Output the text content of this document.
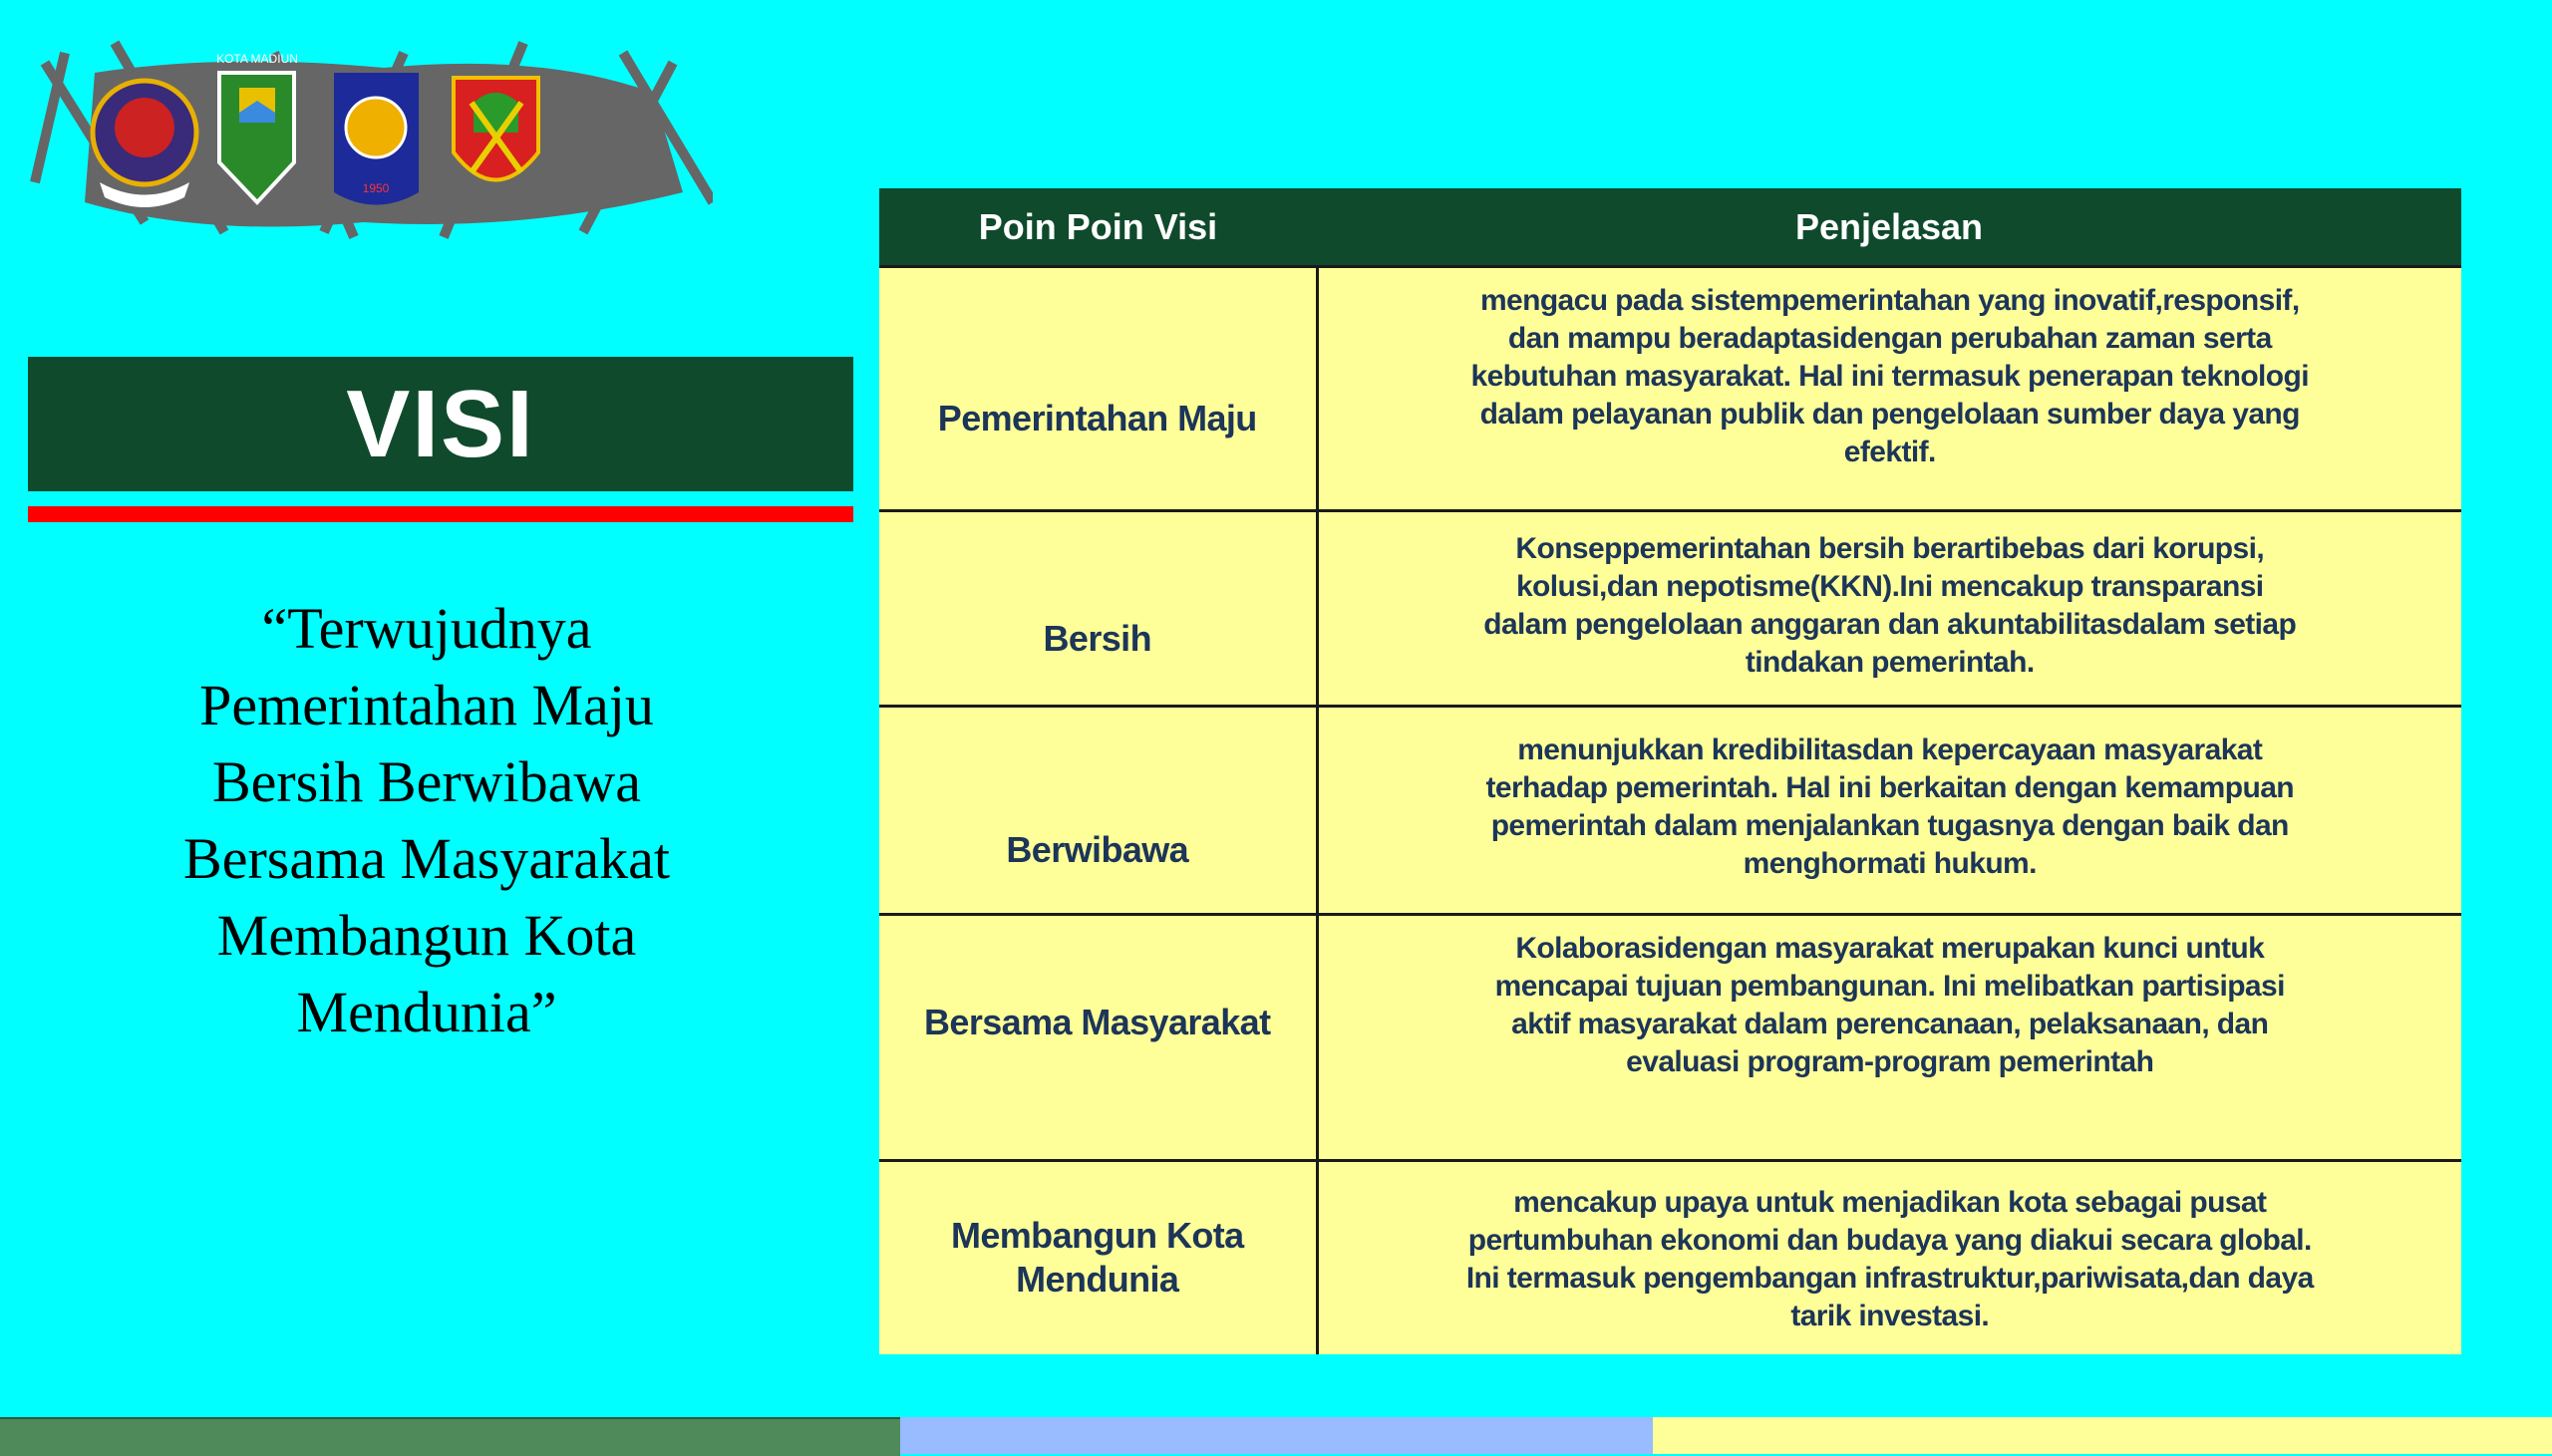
KOTA MADIUN
1950
VISI
“Terwujudnya
Pemerintahan Maju
Bersih Berwibawa
Bersama Masyarakat
Membangun Kota
Mendunia”
Poin Poin Visi	Penjelasan

Pemerintahan Maju	mengacu pada sistempemerintahan yang inovatif,responsif,
dan mampu beradaptasidengan perubahan zaman serta
kebutuhan masyarakat. Hal ini termasuk penerapan teknologi
dalam pelayanan publik dan pengelolaan sumber daya yang
efektif.

Bersih	Konseppemerintahan bersih berartibebas dari korupsi,
kolusi,dan nepotisme(KKN).Ini mencakup transparansi
dalam pengelolaan anggaran dan akuntabilitasdalam setiap
tindakan pemerintah.

Berwibawa	menunjukkan kredibilitasdan kepercayaan masyarakat
terhadap pemerintah. Hal ini berkaitan dengan kemampuan
pemerintah dalam menjalankan tugasnya dengan baik dan
menghormati hukum.

Bersama Masyarakat	Kolaborasidengan masyarakat merupakan kunci untuk
mencapai tujuan pembangunan. Ini melibatkan partisipasi
aktif masyarakat dalam perencanaan, pelaksanaan, dan
evaluasi program-program pemerintah

Membangun Kota
Mendunia	mencakup upaya untuk menjadikan kota sebagai pusat
pertumbuhan ekonomi dan budaya yang diakui secara global.
Ini termasuk pengembangan infrastruktur,pariwisata,dan daya
tarik investasi.
